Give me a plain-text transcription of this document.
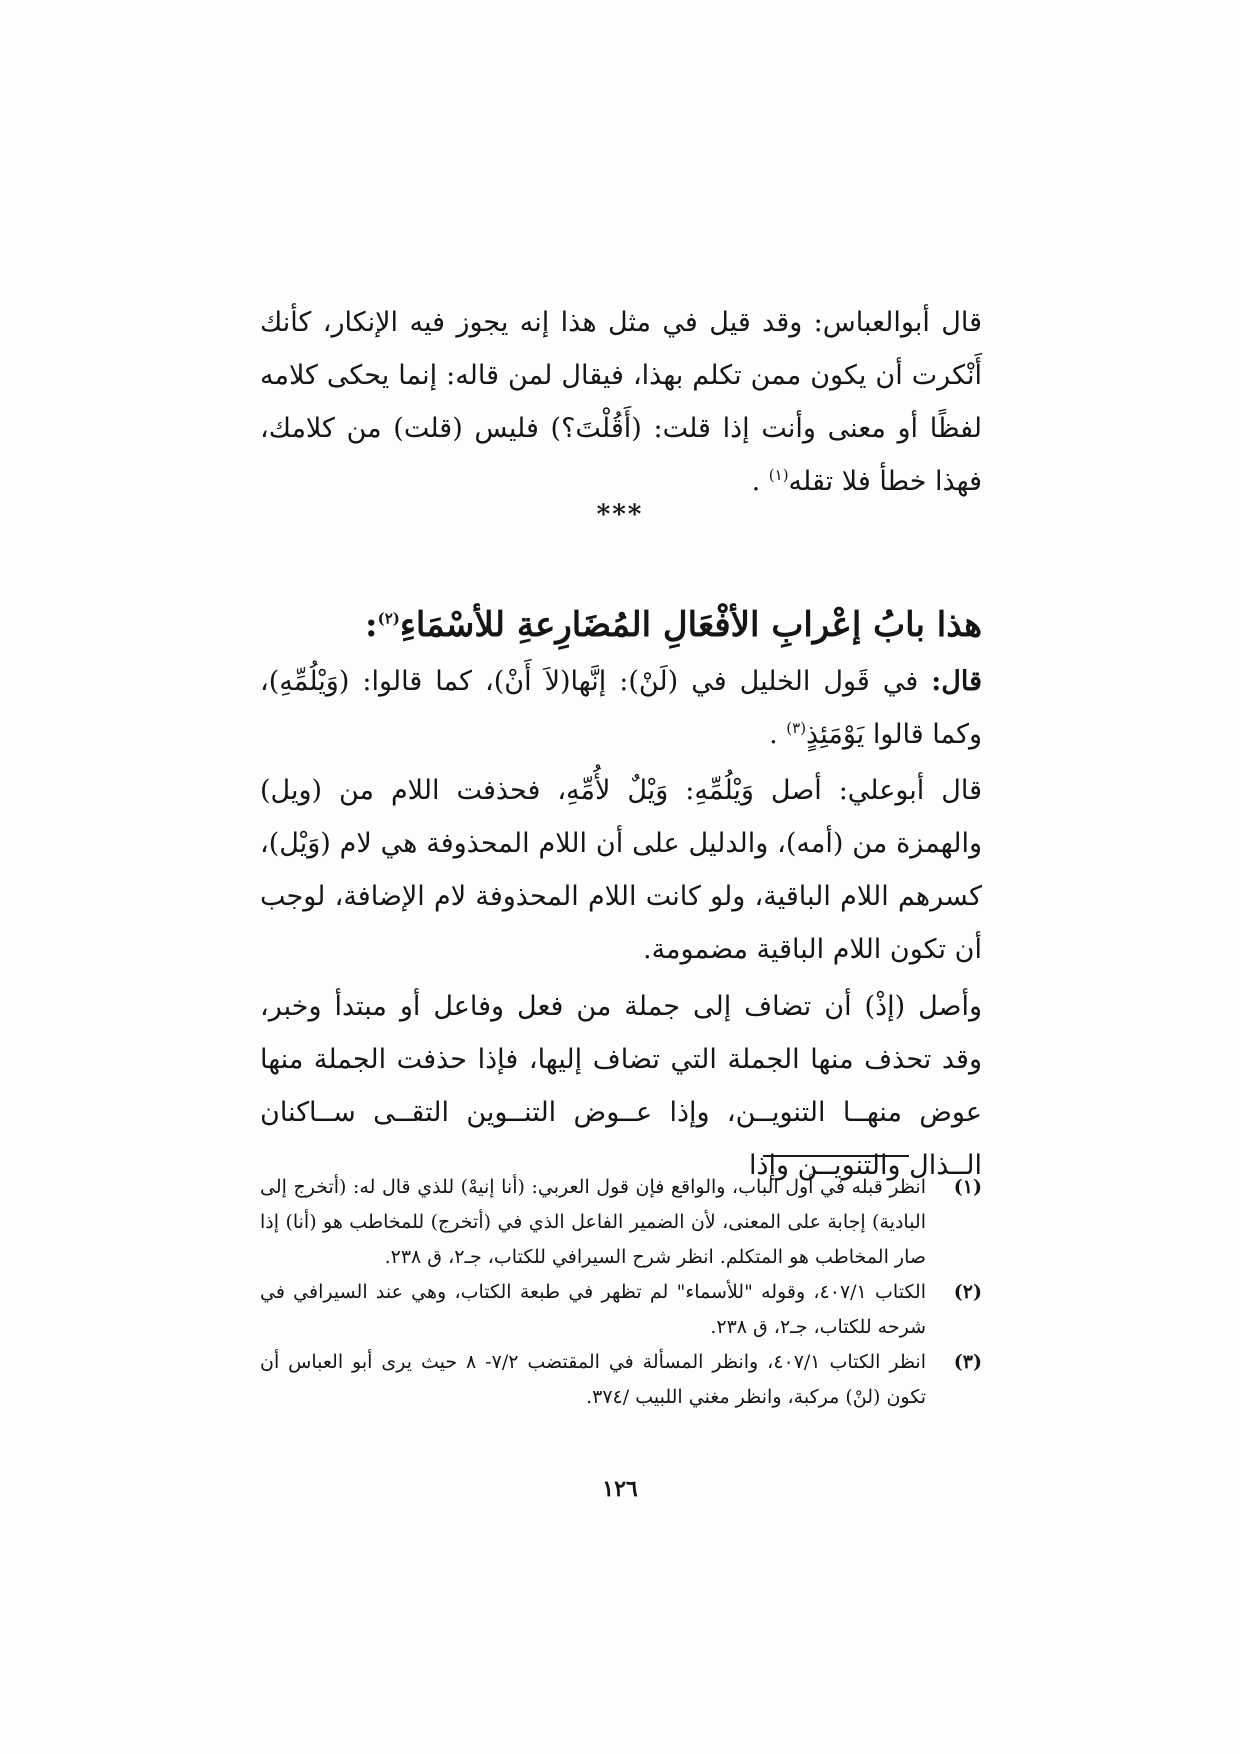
قال أبوالعباس: وقد قيل في مثل هذا إنه يجوز فيه الإنكار، كأنك أَنْكرت أن يكون ممن تكلم بهذا، فيقال لمن قاله: إنما يحكى كلامه لفظًا أو معنى وأنت إذا قلت: (أَقُلْتَ؟) فليس (قلت) من كلامك، فهذا خطأ فلا تقله$^{(١)}$ .

***
هذا بابُ إعْرابِ الأفْعَالِ المُضَارِعةِ للأسْمَاءِ$^{(٢)}$:

قال: في قَول الخليل في (لَنْ): إنَّها(لاَ أَنْ)، كما قالوا: (وَيْلُمِّهِ)، وكما قالوا يَوْمَئِذٍ$^{(٣)}$ .

قال أبوعلي: أصل وَيْلُمِّهِ: وَيْلٌ لأُمِّهِ، فحذفت اللام من (ويل) والهمزة من (أمه)، والدليل على أن اللام المحذوفة هي لام (وَيْل)، كسرهم اللام الباقية، ولو كانت اللام المحذوفة لام الإضافة، لوجب أن تكون اللام الباقية مضمومة.

وأصل (إذْ) أن تضاف إلى جملة من فعل وفاعل أو مبتدأ وخبر، وقد تحذف منها الجملة التي تضاف إليها، فإذا حذفت الجملة منها عوض منهــا التنويــن، وإذا عــوض التنــوين التقــى ســاكنان الــذال والتنويــن وإذا

(١)
انظر قبله في أول الباب، والواقع فإن قول العربي: (أنا إنيهْ) للذي قال له: (أتخرج إلى البادية) إجابة على المعنى، لأن الضمير الفاعل الذي في (أتخرج) للمخاطب هو (أنا) إذا صار المخاطب هو المتكلم. انظر شرح السيرافي للكتاب، جـ٢، ق ٢٣٨.
(٢)
الكتاب ٤٠٧/١، وقوله "للأسماء" لم تظهر في طبعة الكتاب، وهي عند السيرافي في شرحه للكتاب، جـ٢، ق ٢٣٨.
(٣)
انظر الكتاب ٤٠٧/١، وانظر المسألة في المقتضب ٧/٢- ٨ حيث يرى أبو العباس أن تكون (لنْ) مركبة، وانظر مغني اللبيب /٣٧٤.
١٢٦
